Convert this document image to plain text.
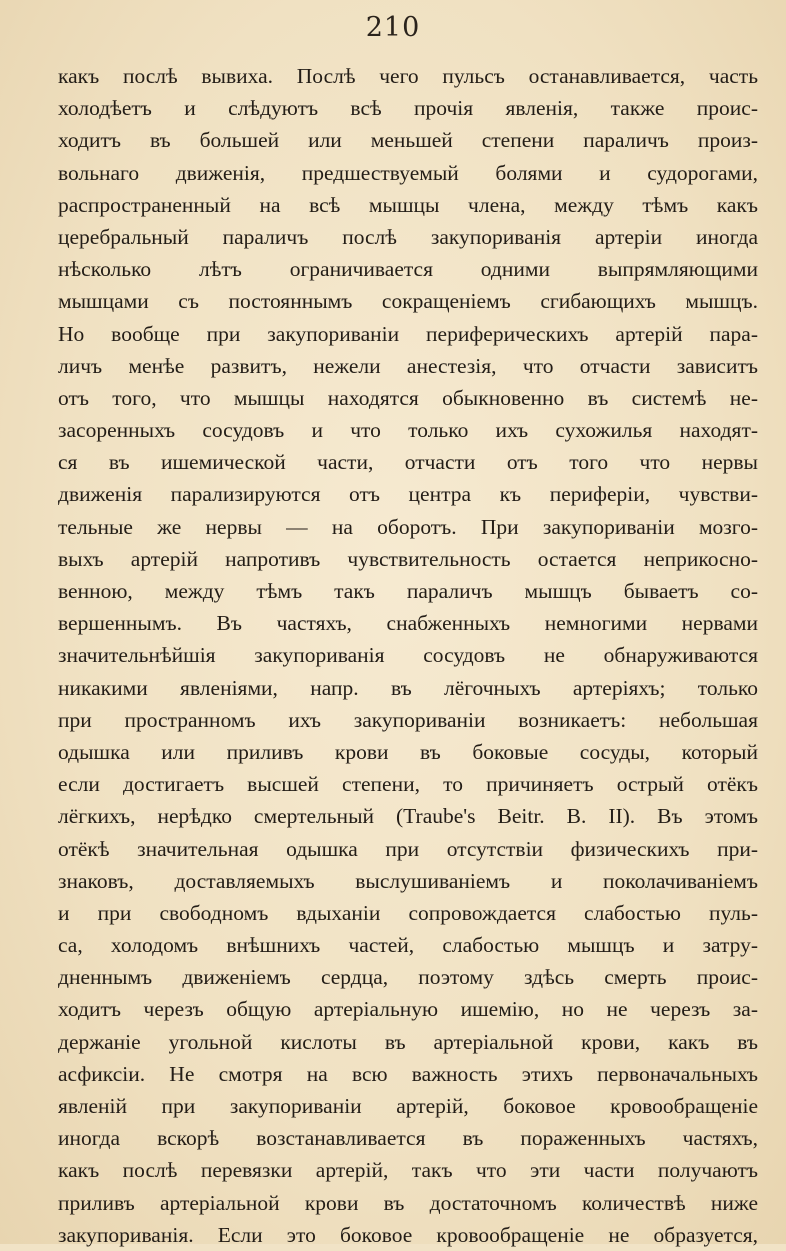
210
какъ послѣ вывиха. Послѣ чего пульсъ останавливается, часть
холодѣетъ и слѣдуютъ всѣ прочія явленія, также проис-
ходитъ въ большей или меньшей степени параличъ произ-
вольнаго движенія, предшествуемый болями и судорогами,
распространенный на всѣ мышцы члена, между тѣмъ какъ
церебральный параличъ послѣ закупориванія артеріи иногда
нѣсколько лѣтъ ограничивается одними выпрямляющими
мышцами съ постояннымъ сокращеніемъ сгибающихъ мышцъ.
Но вообще при закупориваніи периферическихъ артерій пара-
личъ менѣе развитъ, нежели анестезія, что отчасти зависитъ
отъ того, что мышцы находятся обыкновенно въ системѣ не-
засоренныхъ сосудовъ и что только ихъ сухожилья находят-
ся въ ишемической части, отчасти отъ того что нервы
движенія парализируются отъ центра къ периферіи, чувстви-
тельные же нервы — на оборотъ. При закупориваніи мозго-
выхъ артерій напротивъ чувствительность остается неприкосно-
венною, между тѣмъ такъ параличъ мышцъ бываетъ со-
вершеннымъ. Въ частяхъ, снабженныхъ немногими нервами
значительнѣйшія закупориванія сосудовъ не обнаруживаются
никакими явленіями, напр. въ лёгочныхъ артеріяхъ; только
при пространномъ ихъ закупориваніи возникаетъ: небольшая
одышка или приливъ крови въ боковые сосуды, который
если достигаетъ высшей степени, то причиняетъ острый отёкъ
лёгкихъ, нерѣдко смертельный (Traube's Beitr. B. II). Въ этомъ
отёкѣ значительная одышка при отсутствіи физическихъ при-
знаковъ, доставляемыхъ выслушиваніемъ и поколачиваніемъ
и при свободномъ вдыханіи сопровождается слабостью пуль-
са, холодомъ внѣшнихъ частей, слабостью мышцъ и затру-
дненнымъ движеніемъ сердца, поэтому здѣсь смерть проис-
ходитъ черезъ общую артеріальную ишемію, но не черезъ за-
держаніе угольной кислоты въ артеріальной крови, какъ въ
асфиксіи. Не смотря на всю важность этихъ первоначальныхъ
явленій при закупориваніи артерій, боковое кровообращеніе
иногда вскорѣ возстанавливается въ пораженныхъ частяхъ,
какъ послѣ перевязки артерій, такъ что эти части получаютъ
приливъ артеріальной крови въ достаточномъ количествѣ ниже
закупориванія. Если это боковое кровообращеніе не образуется,
